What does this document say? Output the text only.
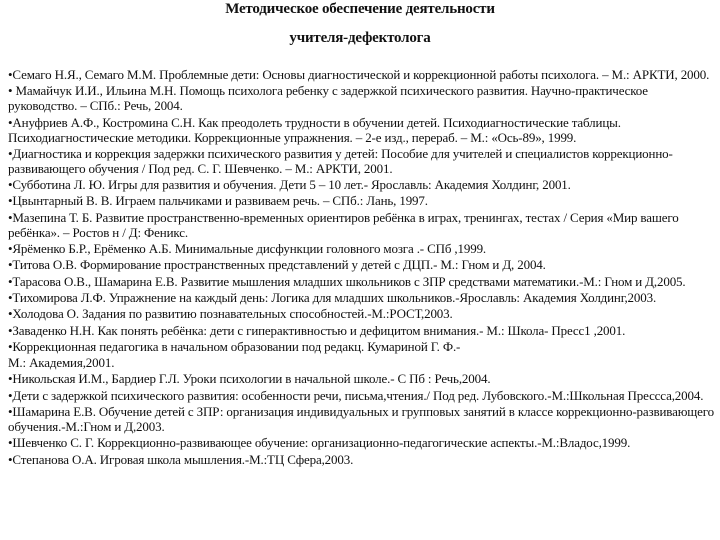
Методическое обеспечение деятельности
учителя-дефектолога
•Семаго Н.Я., Семаго М.М. Проблемные дети: Основы диагностической и коррекционной работы психолога. – М.: АРКТИ, 2000.
• Мамайчук И.И., Ильина М.Н. Помощь психолога ребенку с задержкой психического развития. Научно-практическое руководство. – СПб.: Речь, 2004.
•Ануфриев А.Ф., Костромина С.Н. Как преодолеть трудности в обучении детей. Психодиагностические таблицы. Психодиагностические методики. Коррекционные упражнения. – 2-е изд., перераб. – М.: «Ось-89», 1999.
•Диагностика и коррекция задержки психического развития у детей: Пособие для учителей и специалистов коррекционно-развивающего обучения / Под ред. С. Г. Шевченко. – М.: АРКТИ, 2001.
•Субботина Л. Ю. Игры для развития и обучения. Дети 5 – 10 лет.- Ярославль: Академия Холдинг, 2001.
•Цвынтарный В. В. Играем пальчиками и развиваем речь. – СПб.: Лань, 1997.
•Мазепина Т. Б. Развитие пространственно-временных ориентиров ребёнка в играх, тренингах, тестах / Серия «Мир вашего ребёнка». – Ростов н / Д: Феникс.
•Ярёменко Б.Р., Ерёменко А.Б. Минимальные дисфункции головного мозга .- СПб ,1999.
•Титова О.В. Формирование пространственных представлений у детей с ДЦП.- М.: Гном и Д, 2004.
•Тарасова О.В., Шамарина Е.В. Развитие мышления младших школьников с ЗПР средствами математики.-М.: Гном и Д,2005.
•Тихомирова Л.Ф. Упражнение на каждый день: Логика для младших школьников.-Ярославль: Академия Холдинг,2003.
•Холодова О. Задания по развитию познавательных способностей.-М.:РОСТ,2003.
•Заваденко Н.Н. Как понять ребёнка: дети с гиперактивностью и дефицитом внимания.- М.: Школа- Пресс1 ,2001.
•Коррекционная педагогика в начальном образовании под редакц. Кумариной Г. Ф.-
М.: Академия,2001.
•Никольская И.М., Бардиер Г.Л. Уроки психологии в начальной школе.- С Пб : Речь,2004.
•Дети с задержкой психического развития: особенности речи, письма,чтения./ Под ред. Лубовского.-М.:Школьная Прессса,2004.
•Шамарина Е.В. Обучение детей с ЗПР: организация индивидуальных и групповых занятий в классе коррекционно-развивающего обучения.-М.:Гном и Д,2003.
•Шевченко С. Г. Коррекционно-развивающее обучение: организационно-педагогические аспекты.-М.:Владос,1999.
•Степанова О.А. Игровая школа мышления.-М.:ТЦ Сфера,2003.
